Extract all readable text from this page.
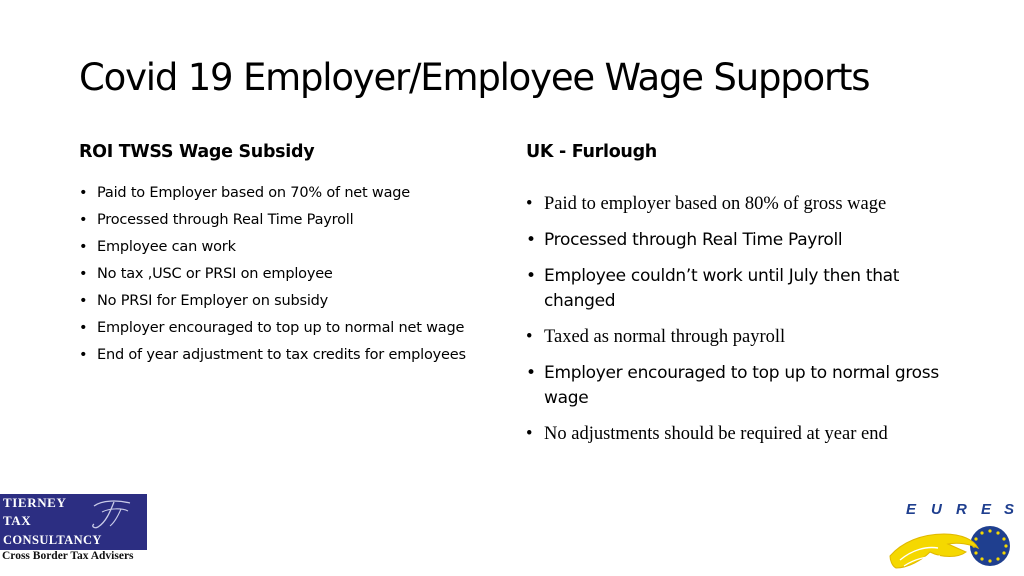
Covid 19 Employer/Employee Wage Supports
ROI TWSS Wage Subsidy	UK - Furlough
• Paid to Employer based on 70% of net wage
• Processed through Real Time Payroll
• Employee can work
• No tax ,USC or PRSI on employee
• No PRSI for Employer on subsidy
• Employer encouraged to top up to normal net wage
• End of year adjustment to tax credits for employees
• Paid to employer based on 80% of gross wage
• Processed through Real Time Payroll
• Employee couldn’t work until July then that changed
• Taxed as normal through payroll
• Employer encouraged to top up to normal gross wage
• No adjustments should be required at year end
TIERNEY
TAX
CONSULTANCY
Cross Border Tax Advisers
E U R E S
